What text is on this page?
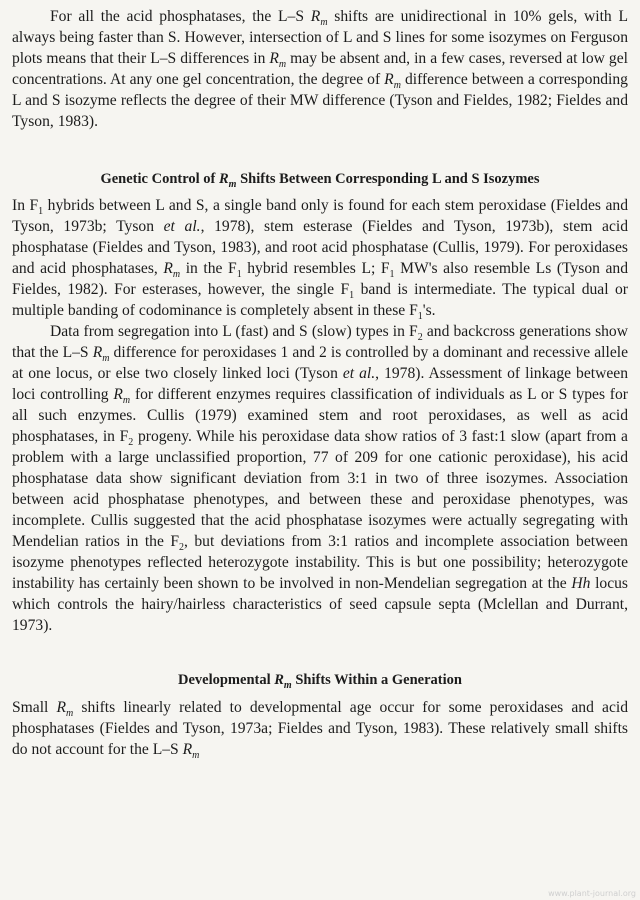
For all the acid phosphatases, the L–S $R_m$ shifts are unidirectional in 10% gels, with L always being faster than S. However, intersection of L and S lines for some isozymes on Ferguson plots means that their L–S differences in $R_m$ may be absent and, in a few cases, reversed at low gel concentrations. At any one gel concentration, the degree of $R_m$ difference between a corresponding L and S isozyme reflects the degree of their MW difference (Tyson and Fieldes, 1982; Fieldes and Tyson, 1983).

Genetic Control of $R_m$ Shifts Between Corresponding L and S Isozymes

In $F_1$ hybrids between L and S, a single band only is found for each stem peroxidase (Fieldes and Tyson, 1973b; Tyson et al., 1978), stem esterase (Fieldes and Tyson, 1973b), stem acid phosphatase (Fieldes and Tyson, 1983), and root acid phosphatase (Cullis, 1979). For peroxidases and acid phosphatases, $R_m$ in the $F_1$ hybrid resembles L; $F_1$ MW's also resemble Ls (Tyson and Fieldes, 1982). For esterases, however, the single $F_1$ band is intermediate. The typical dual or multiple banding of codominance is completely absent in these $F_1's$.

Data from segregation into L (fast) and S (slow) types in $F_2$ and backcross generations show that the L–S $R_m$ difference for peroxidases 1 and 2 is controlled by a dominant and recessive allele at one locus, or else two closely linked loci (Tyson et al., 1978). Assessment of linkage between loci controlling $R_m$ for different enzymes requires classification of individuals as L or S types for all such enzymes. Cullis (1979) examined stem and root peroxidases, as well as acid phosphatases, in $F_2$ progeny. While his peroxidase data show ratios of 3 fast:1 slow (apart from a problem with a large unclassified proportion, 77 of 209 for one cationic peroxidase), his acid phosphatase data show significant deviation from 3:1 in two of three isozymes. Association between acid phosphatase phenotypes, and between these and peroxidase phenotypes, was incomplete. Cullis suggested that the acid phosphatase isozymes were actually segregating with Mendelian ratios in the $F_2$, but deviations from 3:1 ratios and incomplete association between isozyme phenotypes reflected heterozygote instability. This is but one possibility; heterozygote instability has certainly been shown to be involved in non-Mendelian segregation at the Hh locus which controls the hairy/hairless characteristics of seed capsule septa (Mclellan and Durrant, 1973).

Developmental $R_m$ Shifts Within a Generation

Small $R_m$ shifts linearly related to developmental age occur for some peroxidases and acid phosphatases (Fieldes and Tyson, 1973a; Fieldes and Tyson, 1983). These relatively small shifts do not account for the L–S $R_m$

www.plant-journal.org
